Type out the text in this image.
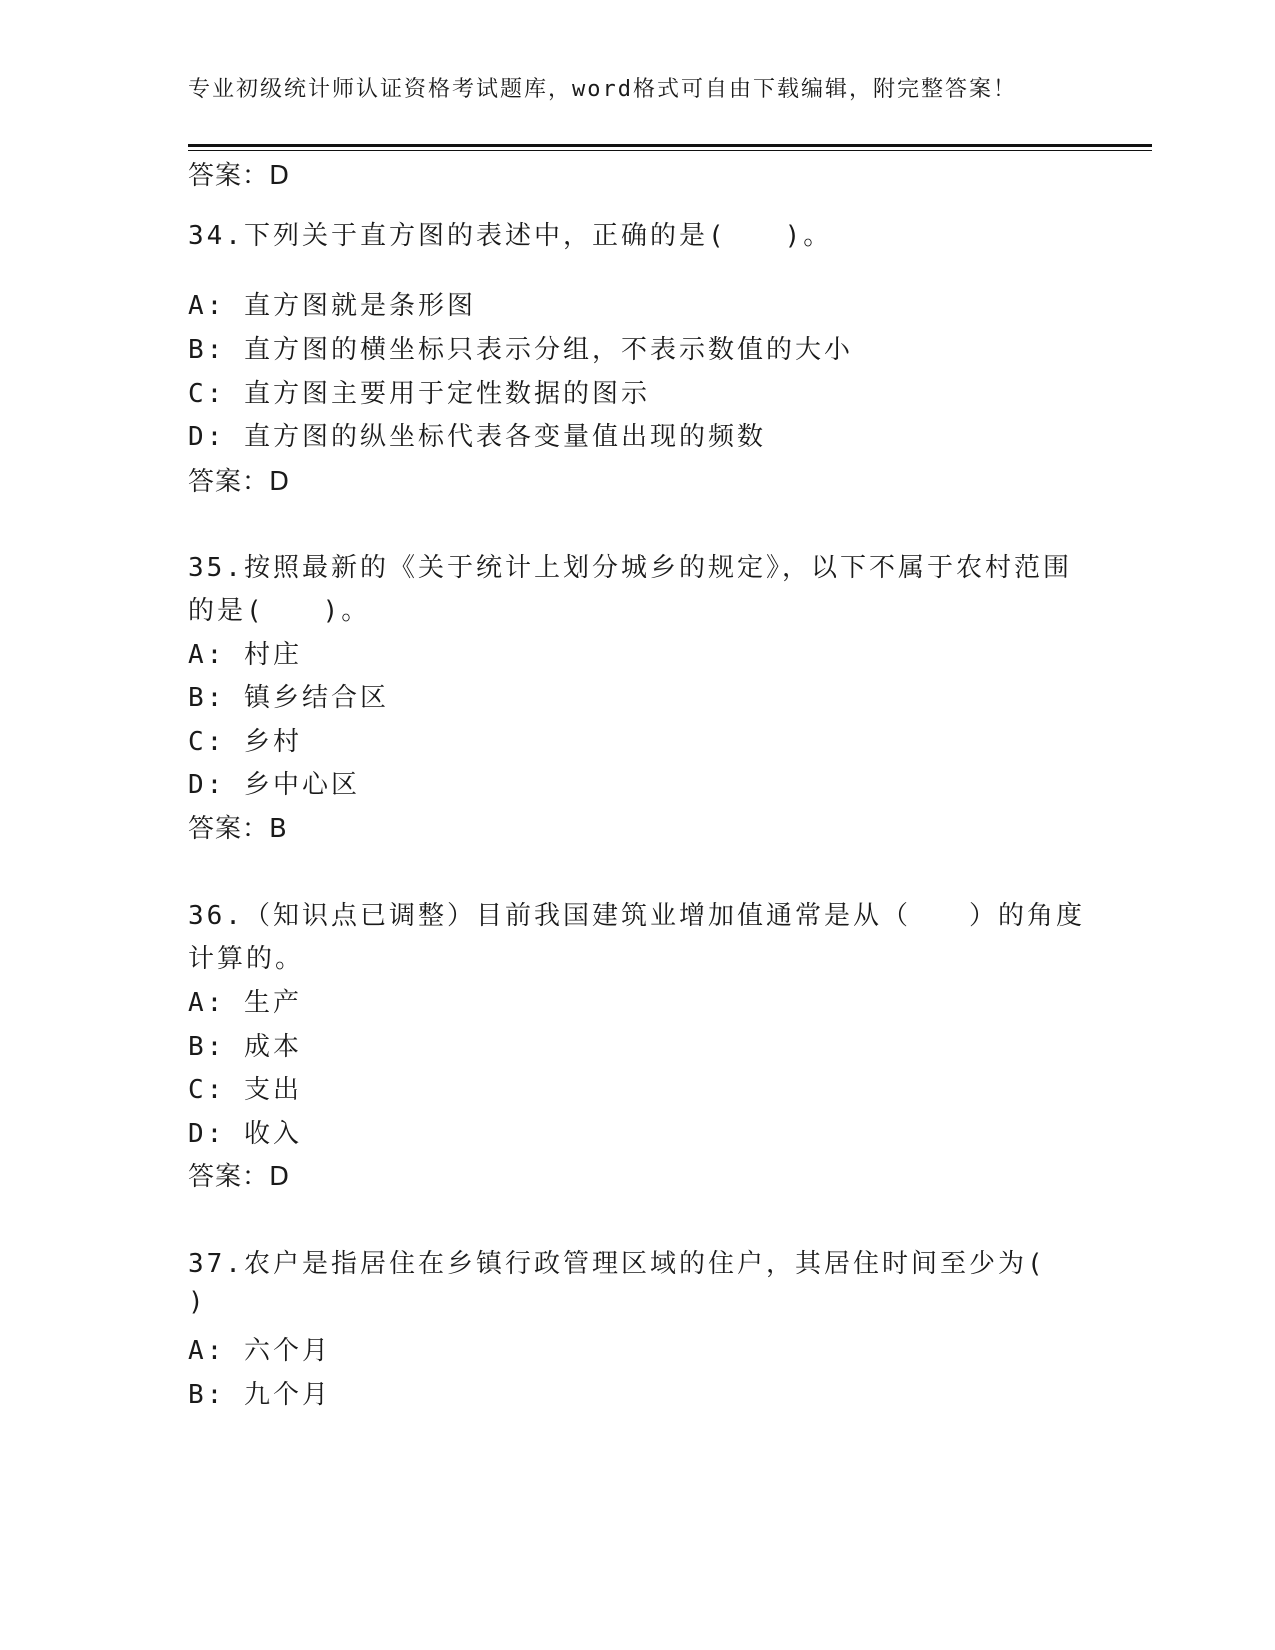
专业初级统计师认证资格考试题库，word格式可自由下载编辑，附完整答案！
答案：D
34.下列关于直方图的表述中，正确的是(　　)。
A: 直方图就是条形图
B: 直方图的横坐标只表示分组，不表示数值的大小
C: 直方图主要用于定性数据的图示
D: 直方图的纵坐标代表各变量值出现的频数
答案：D
35.按照最新的《关于统计上划分城乡的规定》，以下不属于农村范围
的是(　　)。
A: 村庄
B: 镇乡结合区
C: 乡村
D: 乡中心区
答案：B
36.（知识点已调整）目前我国建筑业增加值通常是从（　　）的角度
计算的。
A: 生产
B: 成本
C: 支出
D: 收入
答案：D
37.农户是指居住在乡镇行政管理区域的住户，其居住时间至少为(
)
A: 六个月
B: 九个月
